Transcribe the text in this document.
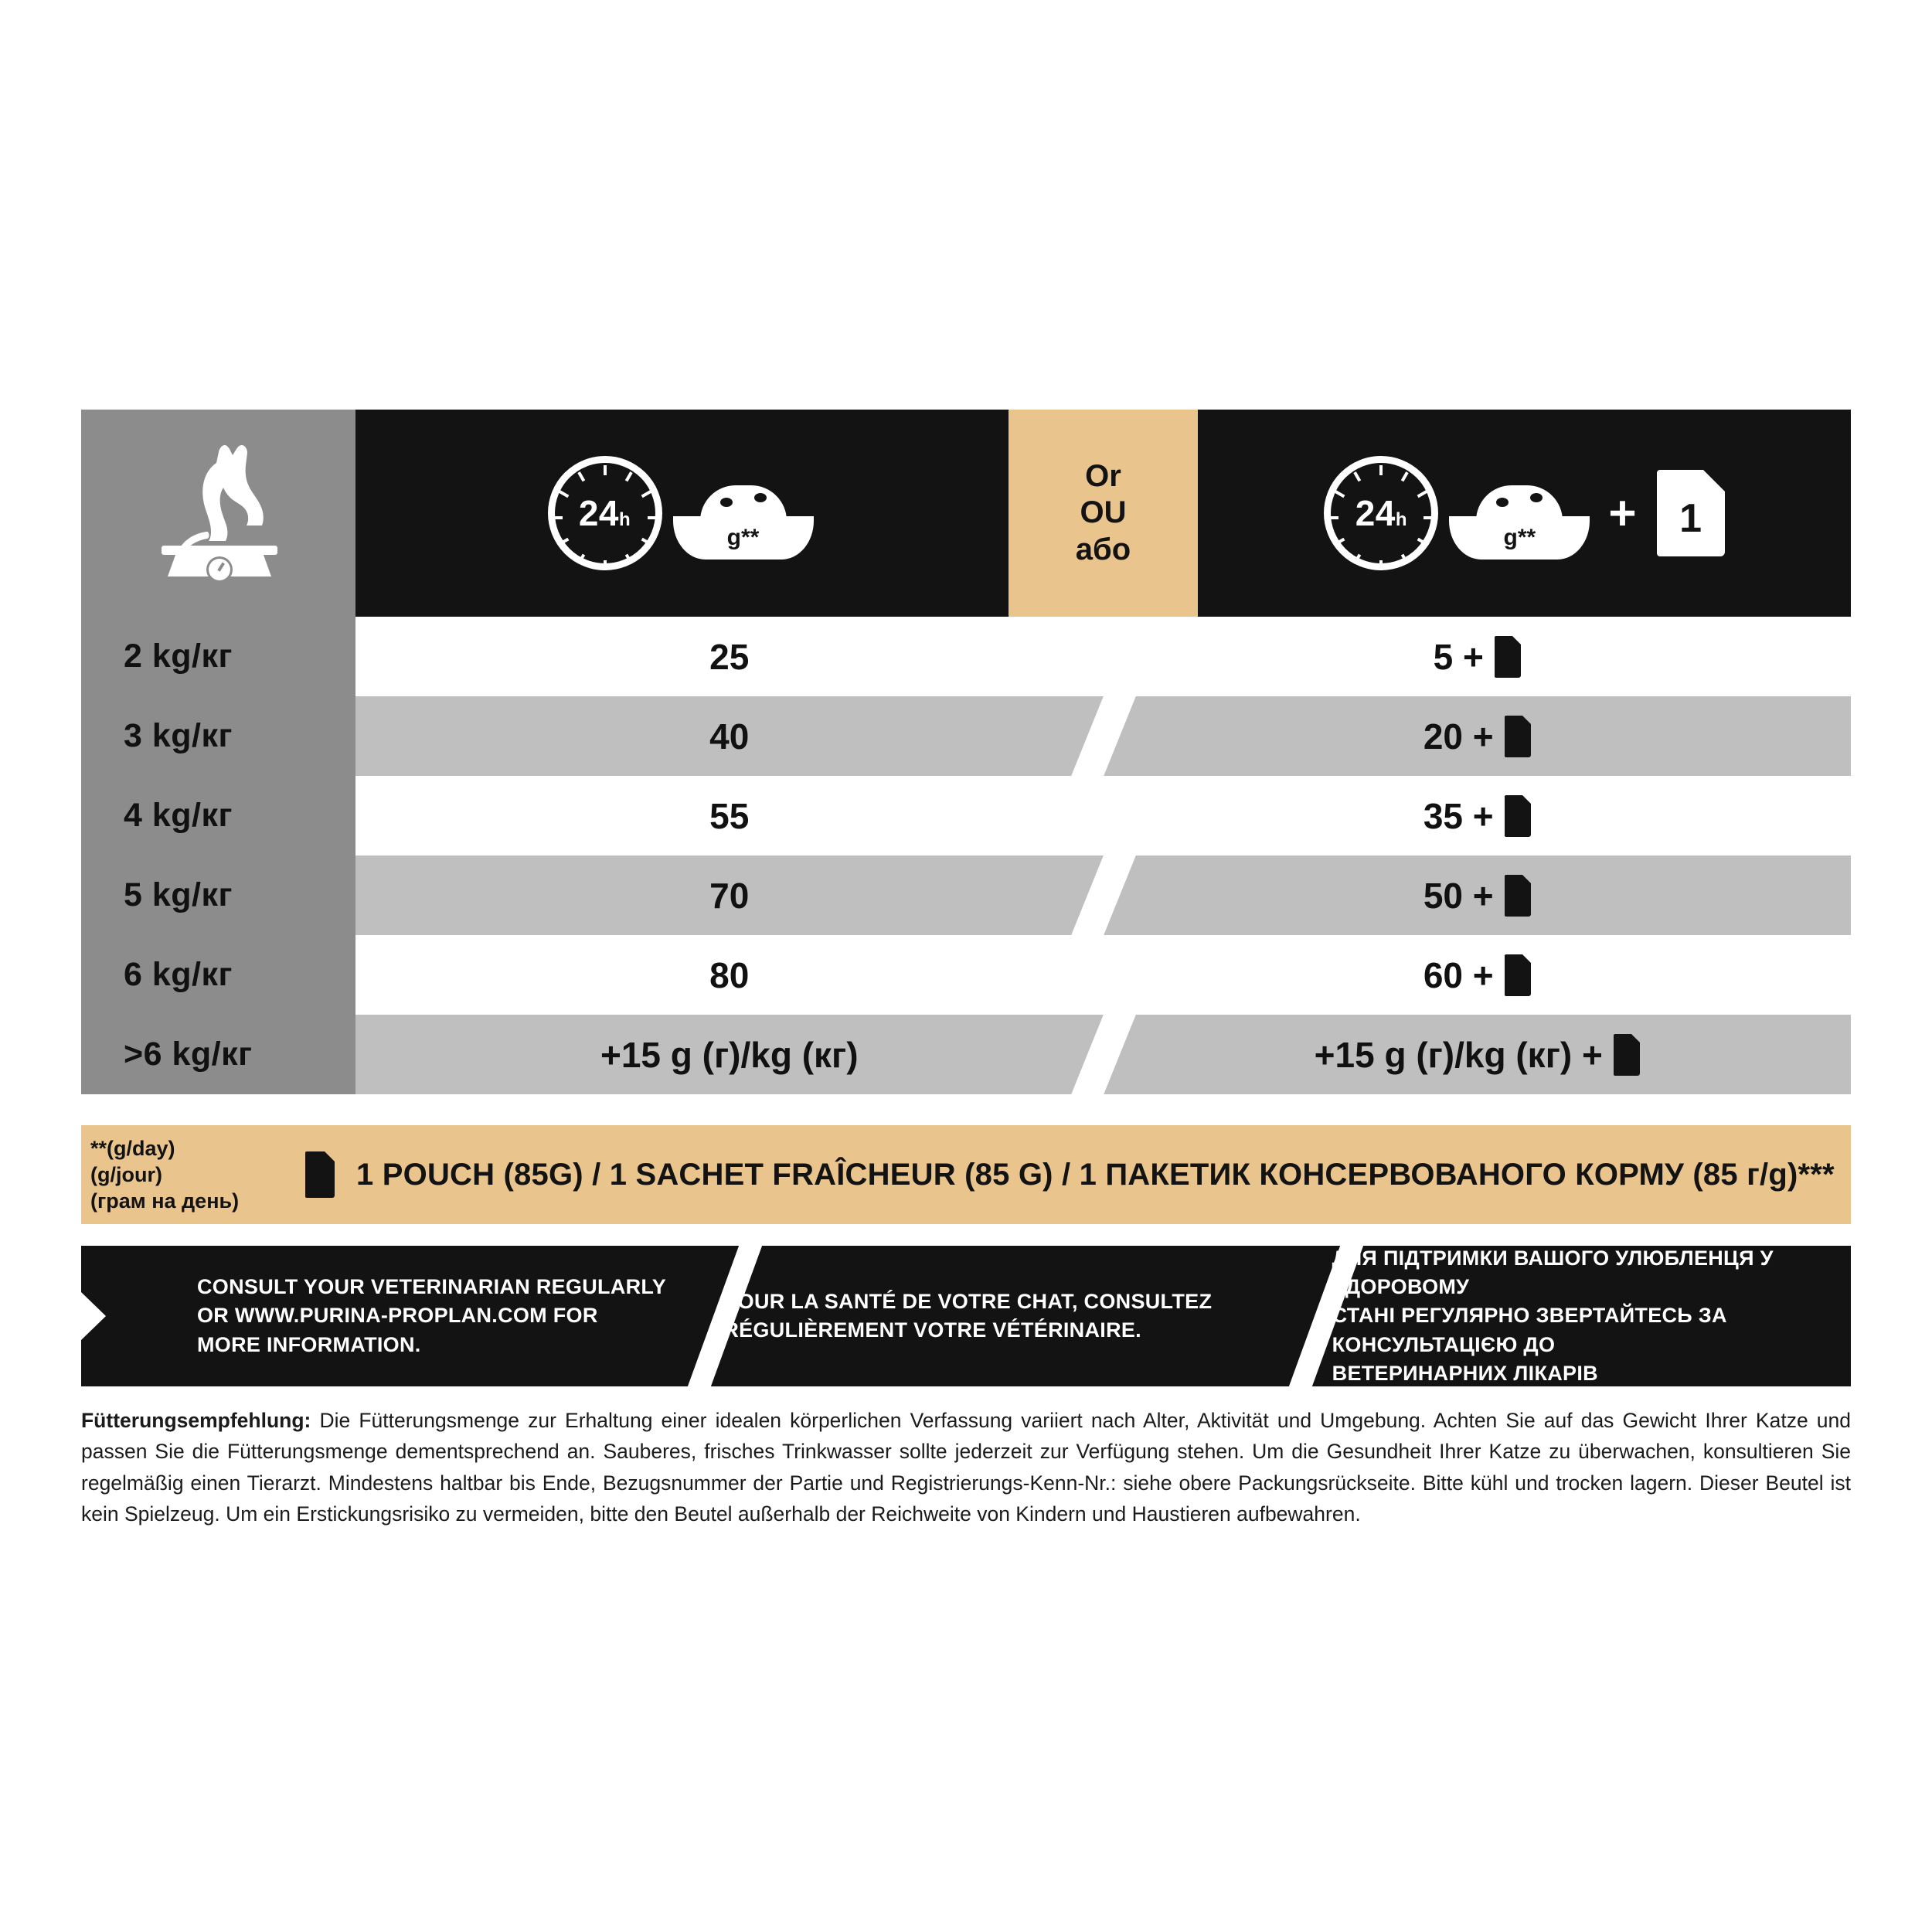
24h
g**
Or
OU
або
24h
g** + 1
2 kg/кг	25	5 +
3 kg/кг	40	20 +
4 kg/кг	55	35 +
5 kg/кг	70	50 +
6 kg/кг	80	60 +
>6 kg/кг	+15 g (г)/kg (кг)	+15 g (г)/kg (кг) +
**(g/day)
(g/jour)
(грам на день)
1 POUCH (85G) / 1 SACHET FRAÎCHEUR (85 G) / 1 ПАКЕТИК КОНСЕРВОВАНОГО КОРМУ (85 г/g)***
CONSULT YOUR VETERINARIAN REGULARLY
OR WWW.PURINA-PROPLAN.COM FOR
MORE INFORMATION.
POUR LA SANTÉ DE VOTRE CHAT, CONSULTEZ
RÉGULIÈREMENT VOTRE VÉTÉRINAIRE.
ДЛЯ ПІДТРИМКИ ВАШОГО УЛЮБЛЕНЦЯ У ЗДОРОВОМУ
СТАНІ РЕГУЛЯРНО ЗВЕРТАЙТЕСЬ ЗА КОНСУЛЬТАЦІЄЮ ДО
ВЕТЕРИНАРНИХ ЛІКАРІВ
Fütterungsempfehlung: Die Fütterungsmenge zur Erhaltung einer idealen körperlichen Verfassung variiert nach Alter, Aktivität und Umgebung. Achten Sie auf das Gewicht Ihrer Katze und passen Sie die Fütterungsmenge dementsprechend an. Sauberes, frisches Trinkwasser sollte jederzeit zur Verfügung stehen. Um die Gesundheit Ihrer Katze zu überwachen, konsultieren Sie regelmäßig einen Tierarzt. Mindestens haltbar bis Ende, Bezugsnummer der Partie und Registrierungs-Kenn-Nr.: siehe obere Packungsrückseite. Bitte kühl und trocken lagern. Dieser Beutel ist kein Spielzeug. Um ein Erstickungsrisiko zu vermeiden, bitte den Beutel außerhalb der Reichweite von Kindern und Haustieren aufbewahren.
